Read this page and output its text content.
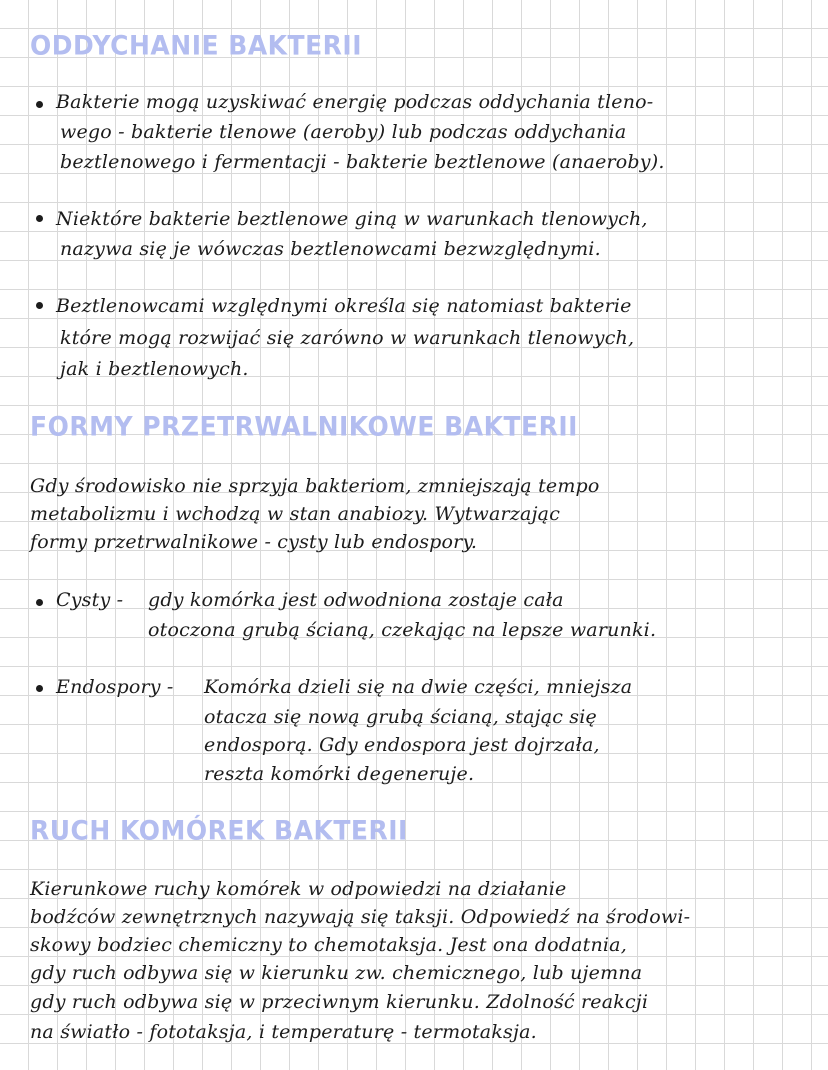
ODDYCHANIE BAKTERII
Bakterie mogą uzyskiwać energię podczas oddychania tleno-
wego - bakterie tlenowe (aeroby) lub podczas oddychania
beztlenowego i fermentacji - bakterie beztlenowe (anaeroby).
Niektóre bakterie beztlenowe giną w warunkach tlenowych,
nazywa się je wówczas beztlenowcami bezwzględnymi.
Beztlenowcami względnymi określa się natomiast bakterie
które mogą rozwijać się zarówno w warunkach tlenowych,
jak i beztlenowych.
FORMY PRZETRWALNIKOWE BAKTERII
Gdy środowisko nie sprzyja bakteriom, zmniejszają tempo
metabolizmu i wchodzą w stan anabiozy. Wytwarzając
formy przetrwalnikowe - cysty lub endospory.
Cysty - gdy komórka jest odwodniona zostaje cała
otoczona grubą ścianą, czekając na lepsze warunki.
Endospory - Komórka dzieli się na dwie części, mniejsza
otacza się nową grubą ścianą, stając się
endosporą. Gdy endospora jest dojrzała,
reszta komórki degeneruje.
RUCH KOMÓREK BAKTERII
Kierunkowe ruchy komórek w odpowiedzi na działanie
bodźców zewnętrznych nazywają się taksji. Odpowiedź na środowi-
skowy bodziec chemiczny to chemotaksja. Jest ona dodatnia,
gdy ruch odbywa się w kierunku zw. chemicznego, lub ujemna
gdy ruch odbywa się w przeciwnym kierunku. Zdolność reakcji
na światło - fototaksja, i temperaturę - termotaksja.
